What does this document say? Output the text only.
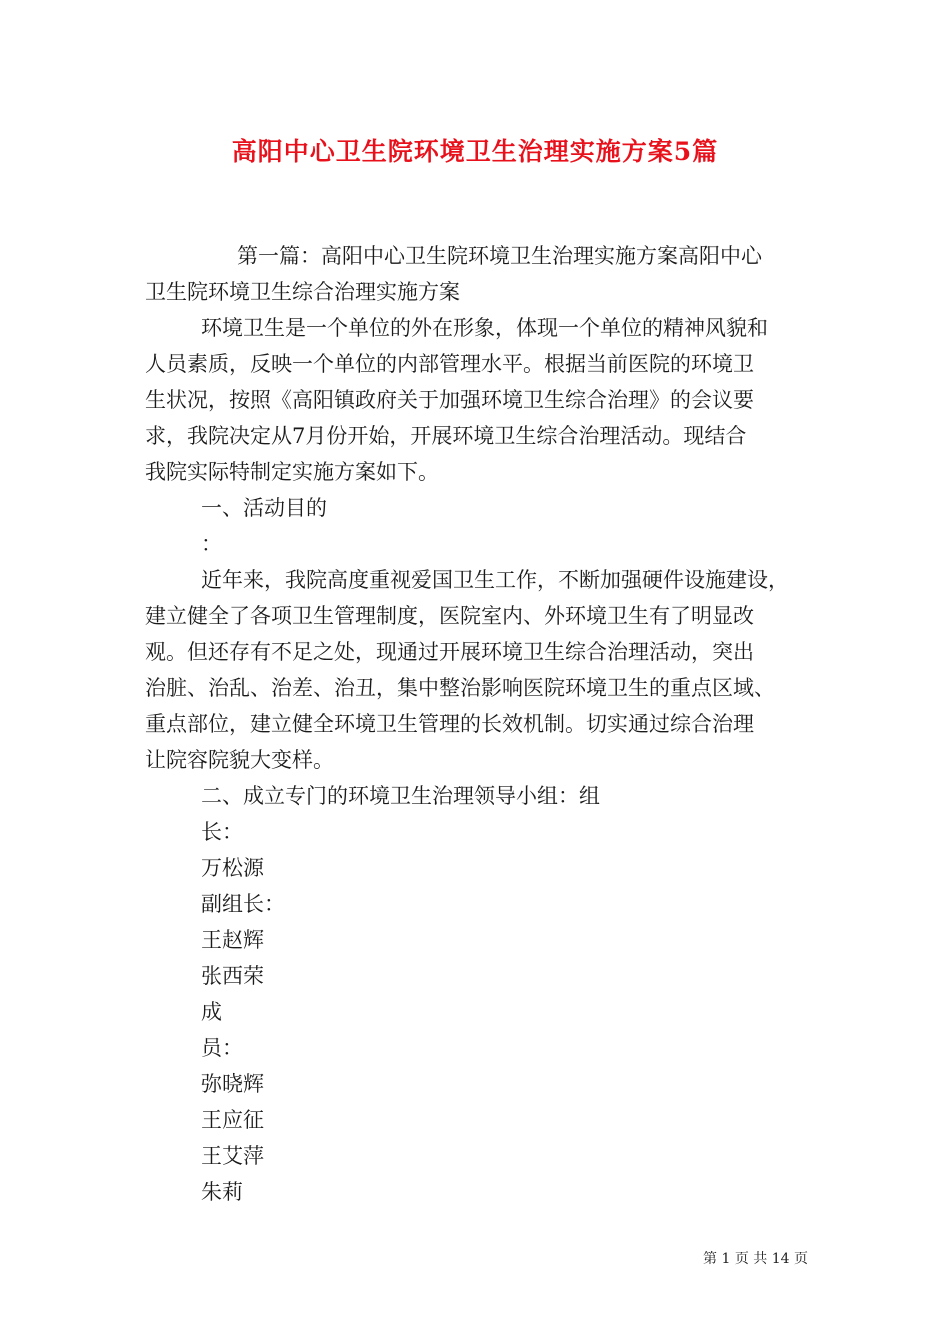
高阳中心卫生院环境卫生治理实施方案5篇
第一篇：高阳中心卫生院环境卫生治理实施方案高阳中心
卫生院环境卫生综合治理实施方案
环境卫生是一个单位的外在形象，体现一个单位的精神风貌和
人员素质，反映一个单位的内部管理水平。根据当前医院的环境卫
生状况，按照《高阳镇政府关于加强环境卫生综合治理》的会议要
求，我院决定从7月份开始，开展环境卫生综合治理活动。现结合
我院实际特制定实施方案如下。
一、活动目的
：
近年来，我院高度重视爱国卫生工作，不断加强硬件设施建设，
建立健全了各项卫生管理制度，医院室内、外环境卫生有了明显改
观。但还存有不足之处，现通过开展环境卫生综合治理活动，突出
治脏、治乱、治差、治丑，集中整治影响医院环境卫生的重点区域、
重点部位，建立健全环境卫生管理的长效机制。切实通过综合治理
让院容院貌大变样。
二、成立专门的环境卫生治理领导小组：组
长：
万松源
副组长：
王赵辉
张西荣
成
员：
弥晓辉
王应征
王艾萍
朱莉
第 1 页 共 14 页
